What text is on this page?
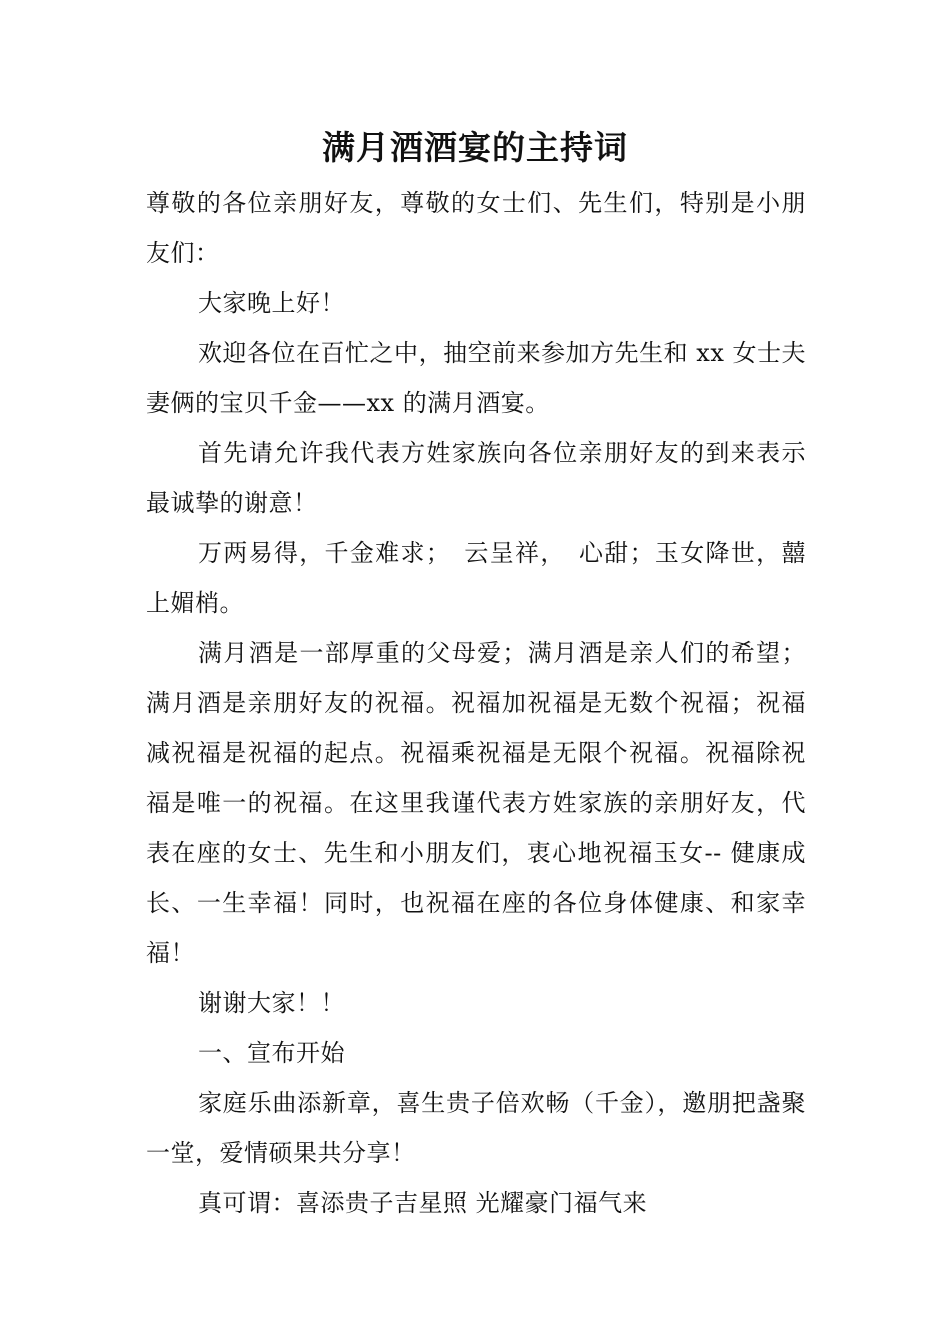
满月酒酒宴的主持词

尊敬的各位亲朋好友，尊敬的女士们、先生们，特别是小朋友们：

大家晚上好！

欢迎各位在百忙之中，抽空前来参加方先生和 xx 女士夫妻俩的宝贝千金——xx 的满月酒宴。

首先请允许我代表方姓家族向各位亲朋好友的到来表示最诚挚的谢意！

万两易得，千金难求；　云呈祥，　心甜；玉女降世，囍上媚梢。

满月酒是一部厚重的父母爱；满月酒是亲人们的希望；满月酒是亲朋好友的祝福。祝福加祝福是无数个祝福；祝福减祝福是祝福的起点。祝福乘祝福是无限个祝福。祝福除祝福是唯一的祝福。在这里我谨代表方姓家族的亲朋好友，代表在座的女士、先生和小朋友们，衷心地祝福玉女-- 健康成长、一生幸福！同时，也祝福在座的各位身体健康、和家幸福！

谢谢大家！！

一、宣布开始

家庭乐曲添新章，喜生贵子倍欢畅（千金），邀朋把盏聚一堂，爱情硕果共分享！

真可谓：喜添贵子吉星照 光耀豪门福气来
